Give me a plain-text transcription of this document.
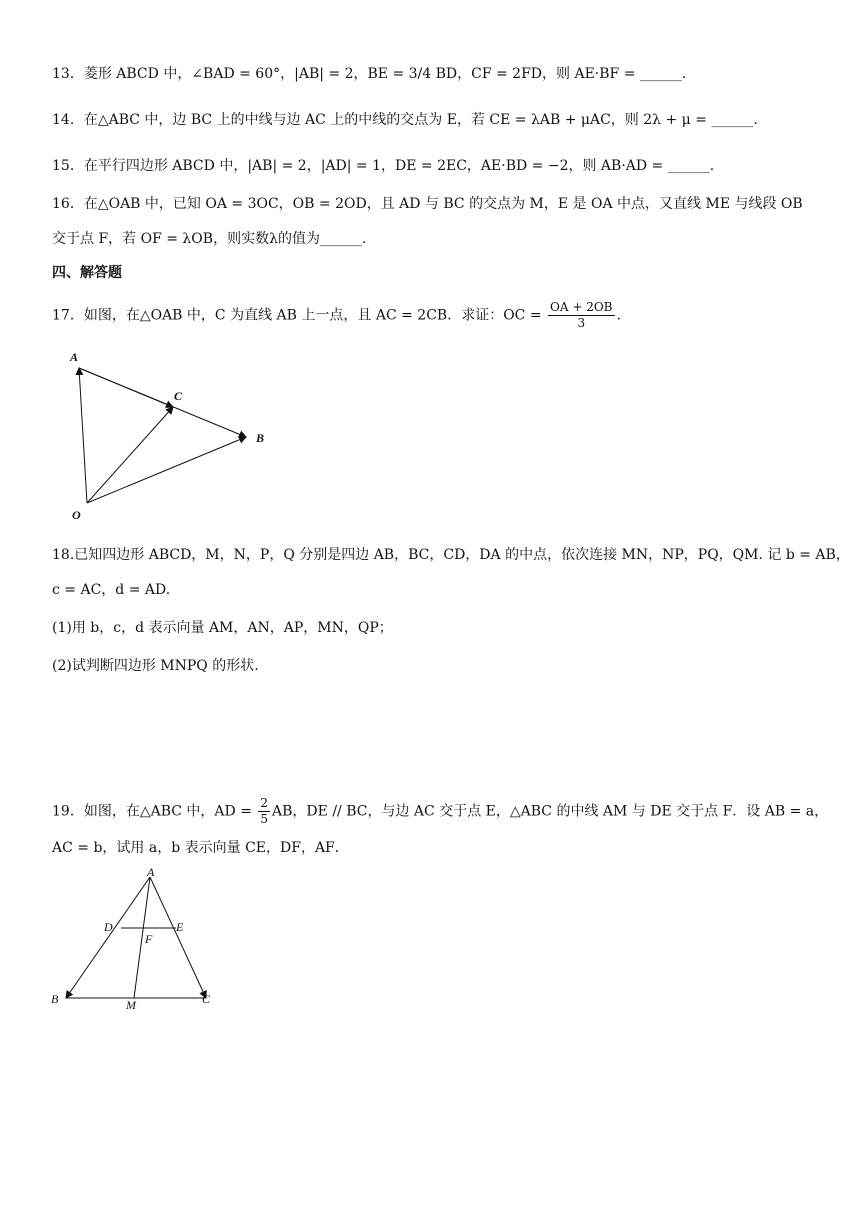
13．菱形 ABCD 中，∠BAD = 60°，|AB| = 2，BE = 3/4 BD，CF = 2FD，则 AE·BF = ______.
14．在△ABC 中，边 BC 上的中线与边 AC 上的中线的交点为 E，若 CE = λAB + μAC，则 2λ + μ = ______.
15．在平行四边形 ABCD 中，|AB| = 2，|AD| = 1，DE = 2EC，AE·BD = −2，则 AB·AD = ______.
16．在△OAB 中，已知 OA = 3OC，OB = 2OD，且 AD 与 BC 的交点为 M，E 是 OA 中点，又直线 ME 与线段 OB
交于点 F，若 OF = λOB，则实数λ的值为______.
四、解答题
17．如图，在△OAB 中，C 为直线 AB 上一点，且 AC = 2CB．求证：OC = $\frac{OA + 2OB}{3}$ .
A
C
B
O
18.已知四边形 ABCD，M，N，P，Q 分别是四边 AB，BC，CD，DA 的中点，依次连接 MN，NP，PQ，QM. 记 b = AB，
c = AC，d = AD.
(1)用 b，c，d 表示向量 AM，AN，AP，MN，QP；
(2)试判断四边形 MNPQ 的形状.
19．如图，在△ABC 中，AD = $\frac{2}{5}$ AB，DE // BC，与边 AC 交于点 E，△ABC 的中线 AM 与 DE 交于点 F．设 AB = a，
AC = b，试用 a，b 表示向量 CE，DF，AF．
A
D	E
F
B	M	C
